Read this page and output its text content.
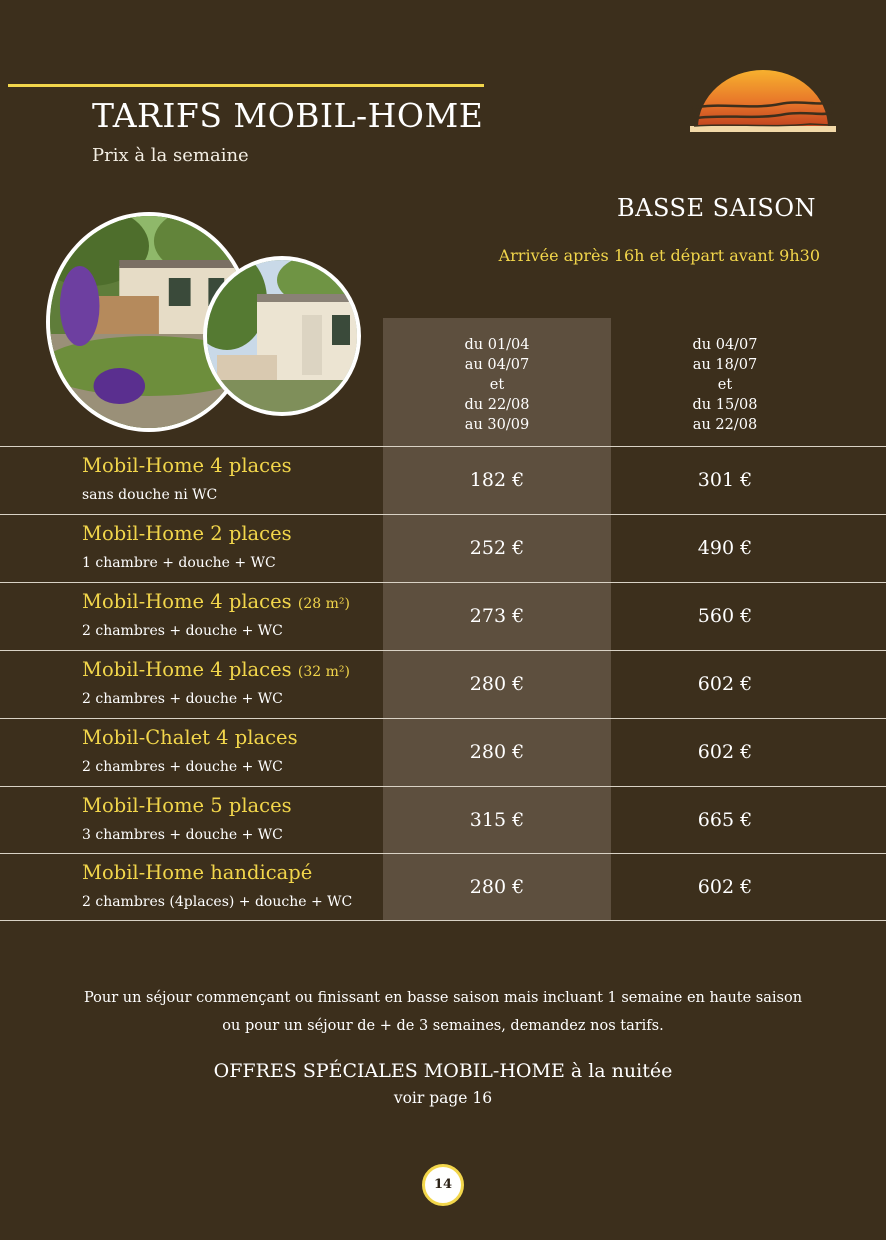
TARIFS MOBIL-HOME
Prix à la semaine
BASSE SAISON
Arrivée après 16h et départ avant 9h30
du 01/04
au 04/07
et
du 22/08
au 30/09
du 04/07
au 18/07
et
du 15/08
au 22/08
Mobil-Home 4 places
sans douche ni WC
182 €	301 €
Mobil-Home 2 places
1 chambre + douche + WC
252 €	490 €
Mobil-Home 4 places (28 m²)
2 chambres + douche + WC
273 €	560 €
Mobil-Home 4 places (32 m²)
2 chambres + douche + WC
280 €	602 €
Mobil-Chalet 4 places
2 chambres + douche + WC
280 €	602 €
Mobil-Home 5 places
3 chambres + douche + WC
315 €	665 €
Mobil-Home handicapé
2 chambres (4places) + douche + WC
280 €	602 €
Pour un séjour commençant ou finissant en basse saison mais incluant 1 semaine en haute saison
ou pour un séjour de + de 3 semaines, demandez nos tarifs.
OFFRES SPÉCIALES MOBIL-HOME à la nuitée
voir page 16
14
